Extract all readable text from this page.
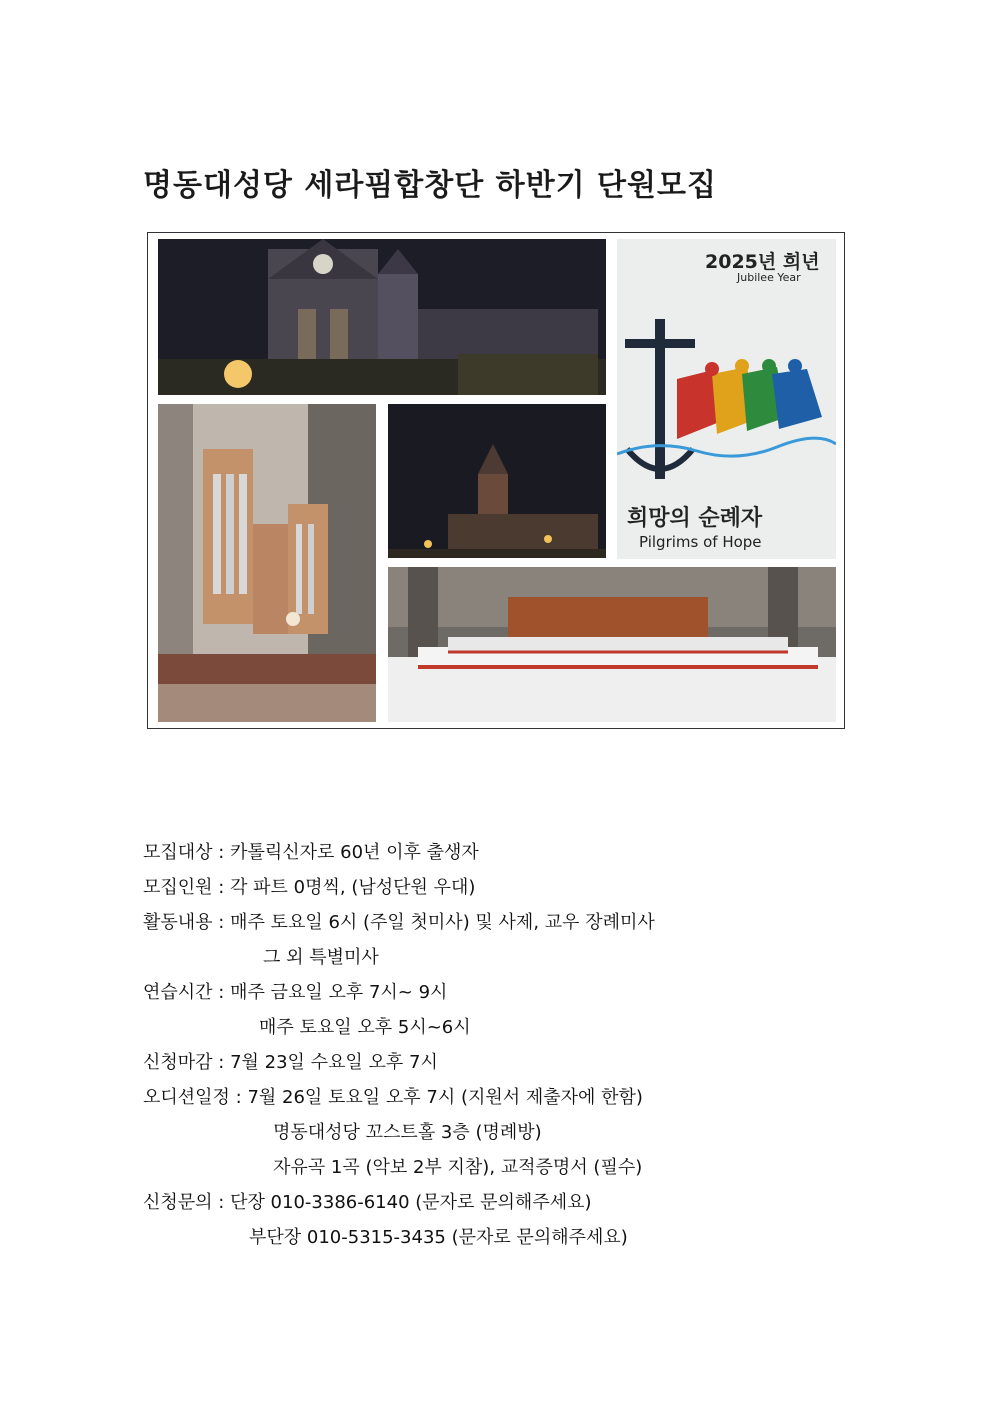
명동대성당 세라핌합창단 하반기 단원모집
2025년 희년
Jubilee Year
희망의 순례자
Pilgrims of Hope
모집대상 : 카톨릭신자로 60년 이후 출생자
모집인원 : 각 파트 0명씩, (남성단원 우대)
활동내용 : 매주 토요일 6시 (주일 첫미사) 및 사제, 교우 장례미사
그 외 특별미사
연습시간 : 매주 금요일 오후 7시~ 9시
매주 토요일 오후 5시~6시
신청마감 : 7월 23일 수요일 오후 7시
오디션일정 : 7월 26일 토요일 오후 7시 (지원서 제출자에 한함)
명동대성당 꼬스트홀 3층 (명례방)
자유곡 1곡 (악보 2부 지참), 교적증명서 (필수)
신청문의 : 단장 010-3386-6140 (문자로 문의해주세요)
부단장 010-5315-3435 (문자로 문의해주세요)
